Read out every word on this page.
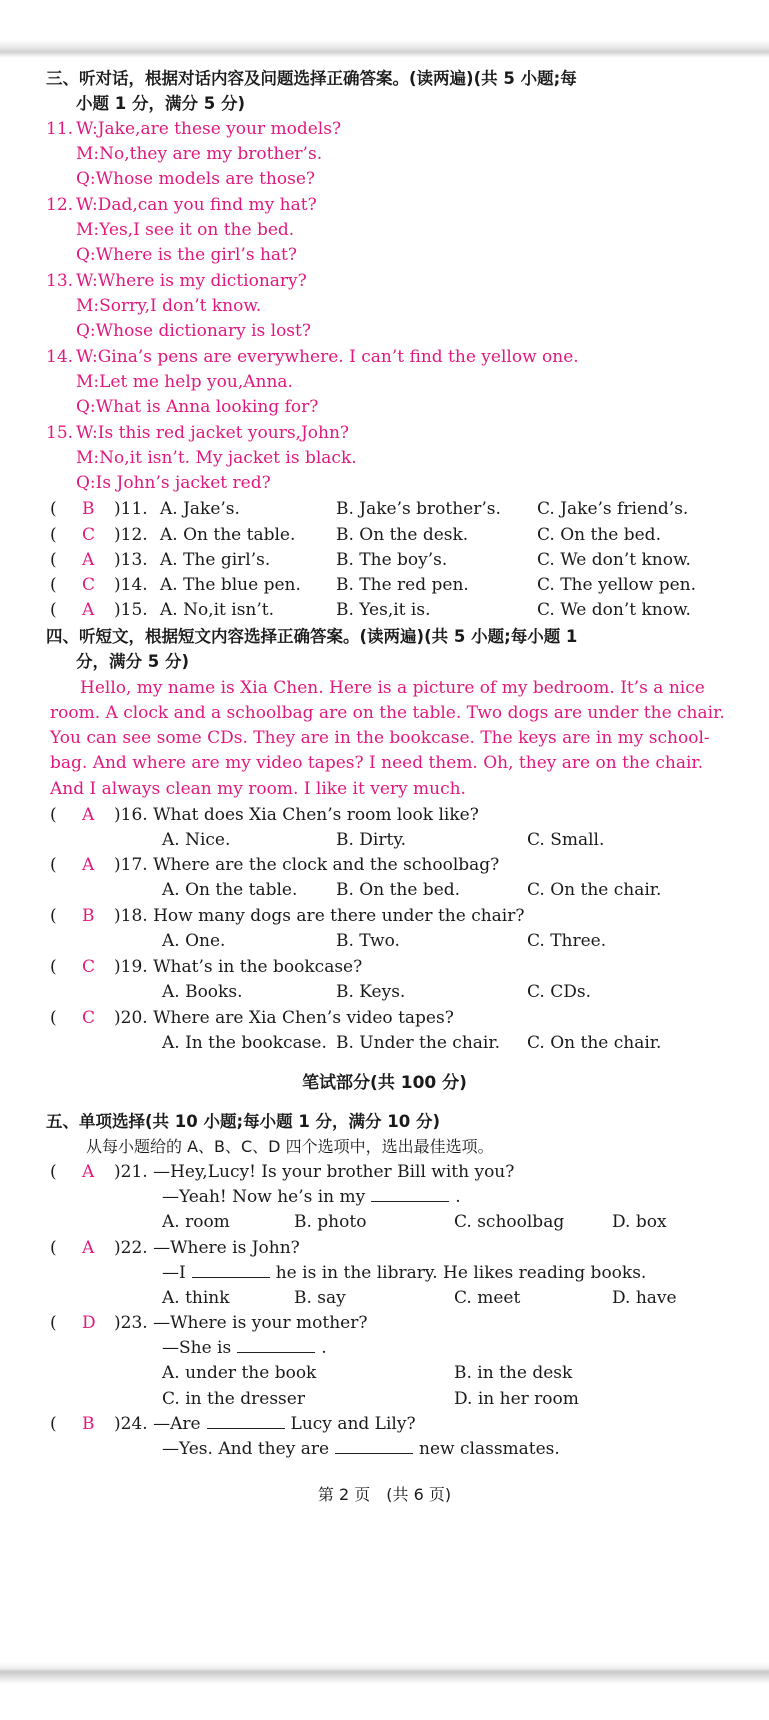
三、听对话，根据对话内容及问题选择正确答案。(读两遍)(共 5 小题;每
小题 1 分，满分 5 分)
11. W:Jake,are these your models?
M:No,they are my brother’s.
Q:Whose models are those?
12. W:Dad,can you find my hat?
M:Yes,I see it on the bed.
Q:Where is the girl’s hat?
13. W:Where is my dictionary?
M:Sorry,I don’t know.
Q:Whose dictionary is lost?
14. W:Gina’s pens are everywhere. I can’t find the yellow one.
M:Let me help you,Anna.
Q:What is Anna looking for?
15. W:Is this red jacket yours,John?
M:No,it isn’t. My jacket is black.
Q:Is John’s jacket red?
( B )11. A. Jake’s.	B. Jake’s brother’s. C. Jake’s friend’s.
( C )12. A. On the table. B. On the desk.	C. On the bed.
( A )13. A. The girl’s.	B. The boy’s.	C. We don’t know.
( C )14. A. The blue pen. B. The red pen.	C. The yellow pen.
( A )15. A. No,it isn’t.	B. Yes,it is.	C. We don’t know.
四、听短文，根据短文内容选择正确答案。(读两遍)(共 5 小题;每小题 1
分，满分 5 分)
Hello, my name is Xia Chen. Here is a picture of my bedroom. It’s a nice
room. A clock and a schoolbag are on the table. Two dogs are under the chair.
You can see some CDs. They are in the bookcase. The keys are in my school-
bag. And where are my video tapes? I need them. Oh, they are on the chair.
And I always clean my room. I like it very much.
( A )16. What does Xia Chen’s room look like?
A. Nice.	B. Dirty.	C. Small.
( A )17. Where are the clock and the schoolbag?
A. On the table. B. On the bed.	C. On the chair.
( B )18. How many dogs are there under the chair?
A. One.	B. Two.	C. Three.
( C )19. What’s in the bookcase?
A. Books.	B. Keys.	C. CDs.
( C )20. Where are Xia Chen’s video tapes?
A. In the bookcase. B. Under the chair. C. On the chair.
笔试部分(共 100 分)
五、单项选择(共 10 小题;每小题 1 分，满分 10 分)
从每小题给的 A、B、C、D 四个选项中，选出最佳选项。
( A )21. —Hey,Lucy! Is your brother Bill with you?
—Yeah! Now he’s in my	.
A. room	B. photo	C. schoolbag	D. box
( A )22. —Where is John?
—I	he is in the library. He likes reading books.
A. think	B. say	C. meet	D. have
( D )23. —Where is your mother?
—She is	.
A. under the book	B. in the desk
C. in the dresser	D. in her room
( B )24. —Are	Lucy and Lily?
—Yes. And they are	new classmates.
第 2 页　(共 6 页)
